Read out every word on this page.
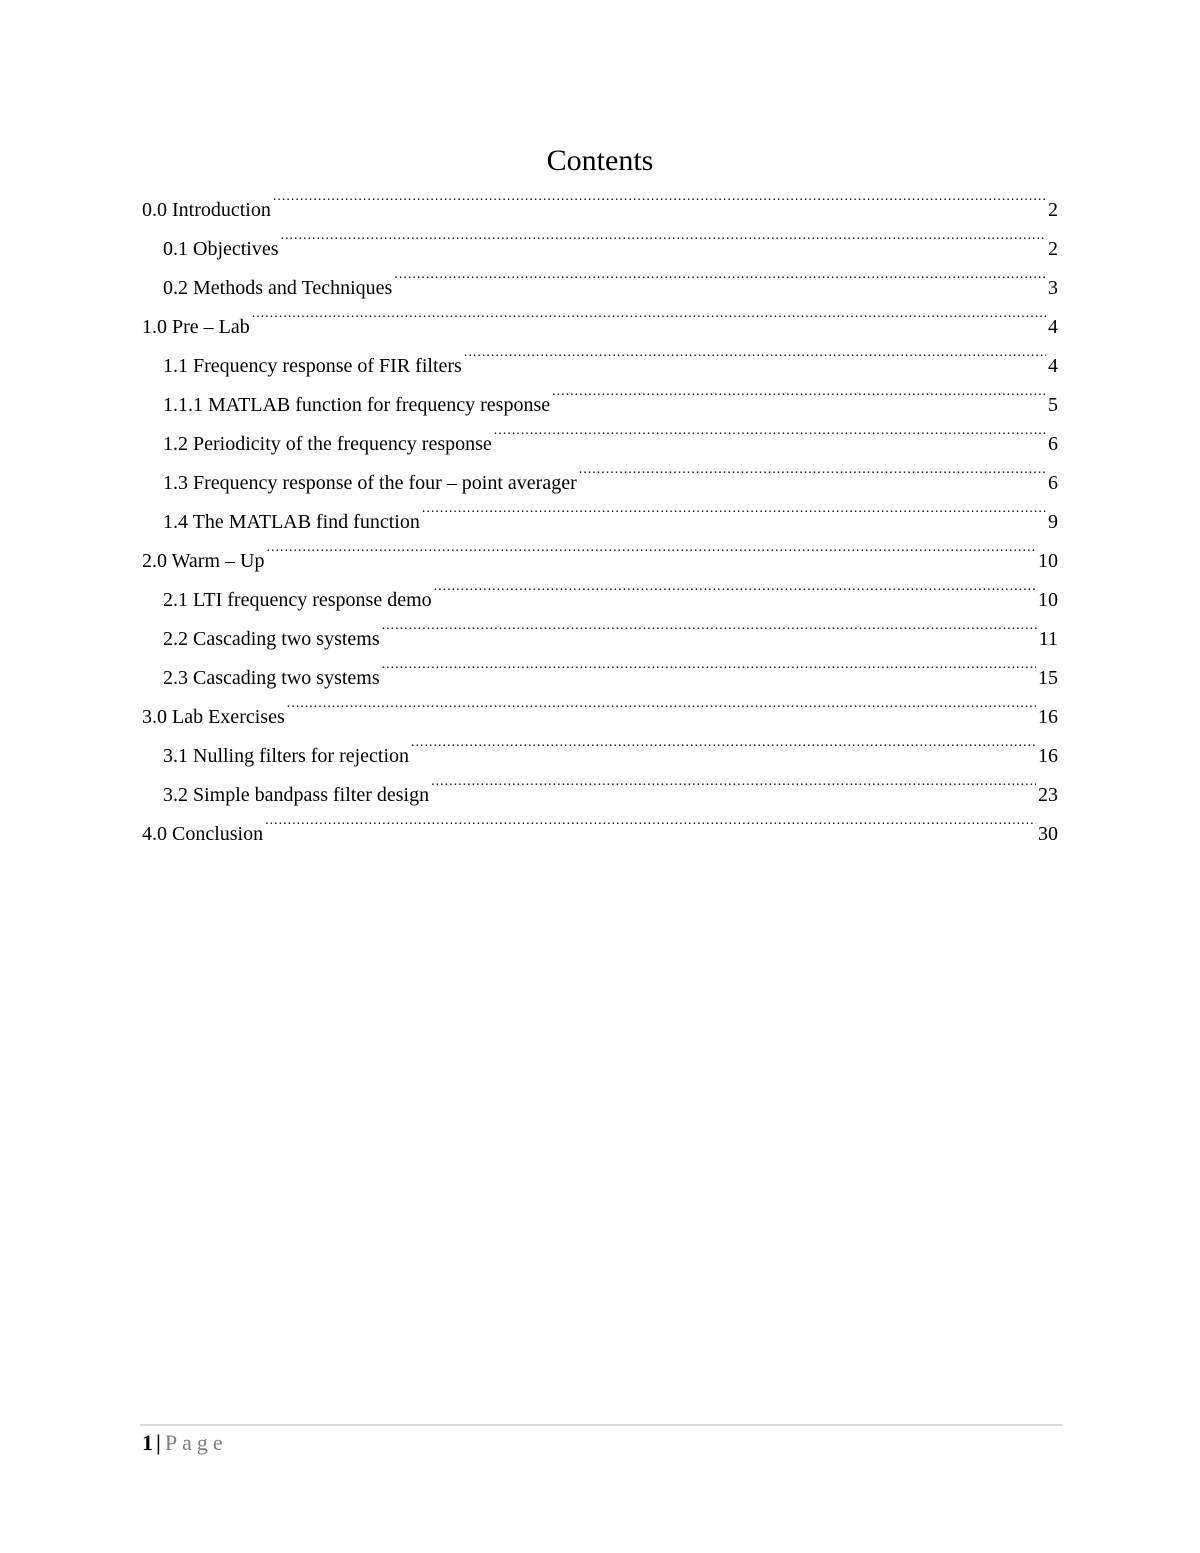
Contents
0.0 Introduction .....	2
0.1 Objectives .....	2
0.2 Methods and Techniques .....	3
1.0 Pre – Lab .....	4
1.1 Frequency response of FIR filters .....	4
1.1.1 MATLAB function for frequency response .....	5
1.2 Periodicity of the frequency response .....	6
1.3 Frequency response of the four – point averager .....	6
1.4 The MATLAB find function .....	9
2.0 Warm – Up .....	10
2.1 LTI frequency response demo .....	10
2.2 Cascading two systems .....	11
2.3 Cascading two systems .....	15
3.0 Lab Exercises .....	16
3.1 Nulling filters for rejection .....	16
3.2 Simple bandpass filter design .....	23
4.0 Conclusion .....	30
1 | Page
